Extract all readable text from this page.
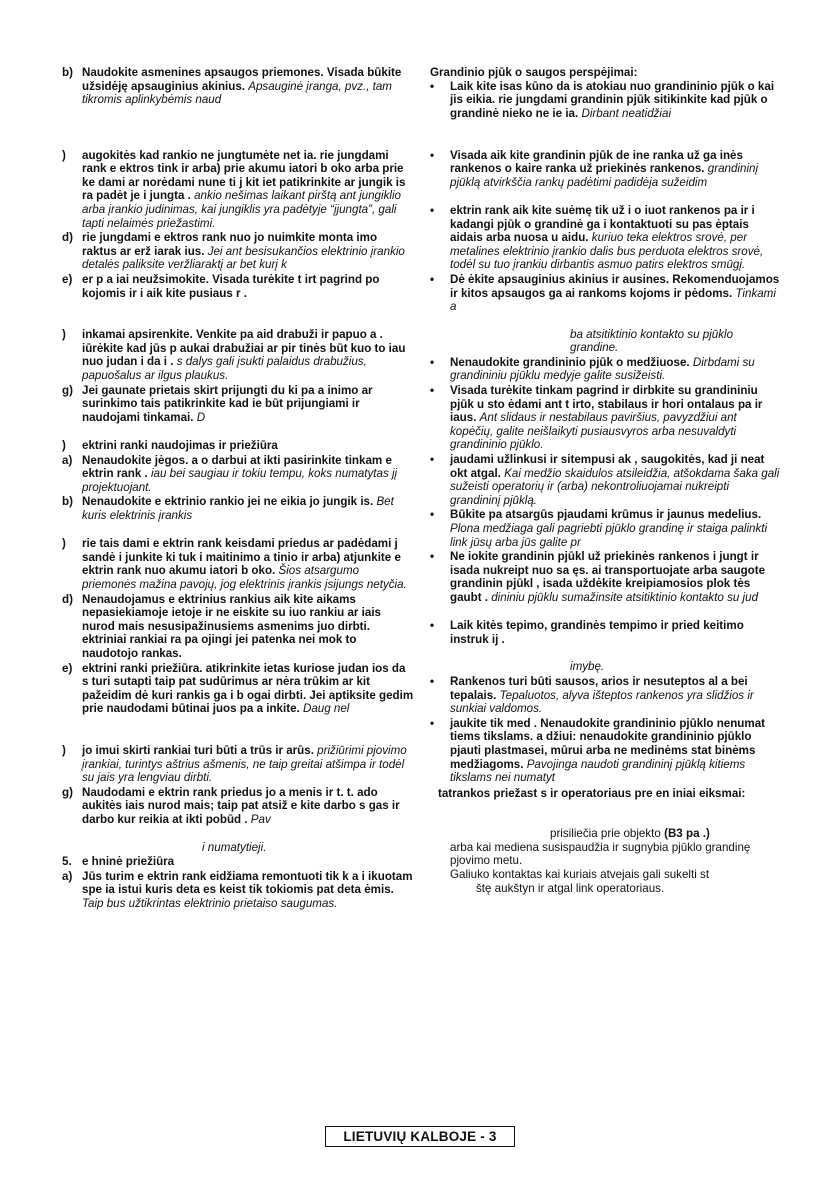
b) Naudokite asmenines apsaugos priemones. Visada būkite užsidėję apsauginius akinius. Apsauginė įranga, pvz., tam tikromis aplinkybėmis naud
)	augokitės kad rankio ne jungtumėte net ia. rie jungdami rank e ektros tink ir arba) prie akumu iatori b oko arba prie ke dami ar norėdami nune ti j kit iet patikrinkite ar jungik is ra padėt je i jungta . ankio nešimas laikant pirštą ant jungiklio arba įrankio judinimas, kai jungiklis yra padėtyje “įjungta”, gali tapti nelaimės priežastimi.
d) rie jungdami e ektros rank nuo jo nuimkite monta imo raktus ar erž iarak ius. Jei ant besisukančios elektrinio įrankio detalės paliksite veržliaraktį ar bet kurį k
e) er p a iai neužsimokite. Visada turėkite t irt pagrind po kojomis ir i aik kite pusiaus r .
)	inkamai apsirenkite. Venkite pa aid drabuži ir papuo a . iūrėkite kad jūs p aukai drabužiai ar pir tinės būt kuo to iau nuo judan i da i . s dalys gali įsukti palaidus drabužius, papuošalus ar ilgus plaukus.
g) Jei gaunate prietais skirt prijungti du ki pa a inimo ar surinkimo tais patikrinkite kad ie būt prijungiami ir naudojami tinkamai. D
)	ektrini ranki naudojimas ir priežiūra
a) Nenaudokite jėgos. a o darbui at ikti pasirinkite tinkam e ektrin rank . iau bei saugiau ir tokiu tempu, koks numatytas jį projektuojant.
b) Nenaudokite e ektrinio rankio jei ne eikia jo jungik is. Bet kuris elektrinis įrankis
)	rie tais dami e ektrin rank keisdami priedus ar padėdami j sandė i junkite ki tuk i maitinimo a tinio ir arba) atjunkite e ektrin rank nuo akumu iatori b oko. Šios atsargumo priemonės mažina pavojų, jog elektrinis įrankis įsijungs netyčia.
d) Nenaudojamus e ektrinius rankius aik kite aikams nepasiekiamoje ietoje ir ne eiskite su iuo rankiu ar iais nurod mais nesusipažinusiems asmenims juo dirbti. ektriniai rankiai ra pa ojingi jei patenka nei mok to naudotojo rankas.
e) ektrini ranki priežiūra. atikrinkite ietas kuriose judan ios da s turi sutapti taip pat sudūrimus ar nėra trūkim ar kit pažeidim dė kuri rankis ga i b ogai dirbti. Jei aptiksite gedim prie naudodami būtinai juos pa a inkite. Daug nel
)	jo imui skirti rankiai turi būti a trūs ir arūs. prižiūrimi pjovimo įrankiai, turintys aštrius ašmenis, ne taip greitai atšimpa ir todėl su jais yra lengviau dirbti.
g) Naudodami e ektrin rank priedus jo a menis ir t. t. ado aukitės iais nurod mais; taip pat atsiž e kite darbo s gas ir darbo kur reikia at ikti pobūd . Pav
i numatytieji.
5. e hninė priežiūra
a) Jūs turim e ektrin rank eidžiama remontuoti tik k a i ikuotam spe ia istui kuris deta es keist tik tokiomis pat deta ėmis. Taip bus užtikrintas elektrinio prietaiso saugumas.
Grandinio pjūk o saugos perspėjimai:
•	Laik kite isas kūno da is atokiau nuo grandininio pjūk o kai jis eikia. rie jungdami grandinin pjūk sitikinkite kad pjūk o grandinė nieko ne ie ia. Dirbant neatidžiai
•	Visada aik kite grandinin pjūk de ine ranka už ga inės rankenos o kaire ranka už priekinės rankenos. grandininį pjūklą atvirkščia rankų padėtimi padidėja sužeidim
•	ektrin rank aik kite suėmę tik už i o iuot rankenos pa ir i kadangi pjūk o grandinė ga i kontaktuoti su pas ėptais aidais arba nuosa u aidu. kuriuo teka elektros srovė, per metalines elektrinio įrankio dalis bus perduota elektros srovė, todėl su tuo įrankiu dirbantis asmuo patirs elektros smūgį.
•	Dė ėkite apsauginius akinius ir ausines. Rekomenduojamos ir kitos apsaugos ga ai rankoms kojoms ir pėdoms. Tinkami a
ba atsitiktinio kontakto su pjūklo grandine.
•	Nenaudokite grandininio pjūk o medžiuose. Dirbdami su grandininiu pjūklu medyje galite susižeisti.
•	Visada turėkite tinkam pagrind ir dirbkite su grandininiu pjūk u sto ėdami ant t irto, stabilaus ir hori ontalaus pa ir iaus. Ant slidaus ir nestabilaus paviršius, pavyzdžiui ant kopėčių, galite neišlaikyti pusiausvyros arba nesuvaldyti grandininio pjūklo.
•	jaudami užlinkusi ir sitempusi ak , saugokitės, kad ji neat okt atgal. Kai medžio skaidulos atsileidžia, atšokdama šaka gali sužeisti operatorių ir (arba) nekontroliuojamai nukreipti grandininį pjūklą.
•	Būkite pa atsargūs pjaudami krūmus ir jaunus medelius. Plona medžiaga gali pagriebti pjūklo grandinę ir staiga palinkti link jūsų arba jūs galite pr
•	Ne iokite grandinin pjūkl už priekinės rankenos i jungt ir isada nukreipt nuo sa ęs. ai transportuojate arba saugote grandinin pjūkl , isada uždėkite kreipiamosios plok tės gaubt . dininiu pjūklu sumažinsite atsitiktinio kontakto su jud
•	Laik kitės tepimo, grandinės tempimo ir pried keitimo instruk ij .
imybę.
•	Rankenos turi būti sausos, arios ir nesuteptos al a bei tepalais. Tepaluotos, alyva išteptos rankenos yra slidžios ir sunkiai valdomos.
•	jaukite tik med . Nenaudokite grandininio pjūklo nenumat tiems tikslams. a džiui: nenaudokite grandininio pjūklo pjauti plastmasei, mūrui arba ne medinėms stat binėms medžiagoms. Pavojinga naudoti grandininį pjūklą kitiems tikslams nei numatyt
tatrankos priežast s ir operatoriaus pre en iniai eiksmai:
prisiliečia prie objekto (B3 pa .)
arba kai mediena susispaudžia ir sugnybia pjūklo grandinę pjovimo metu.
Galiuko kontaktas kai kuriais atvejais gali sukelti st
štę aukštyn ir atgal link operatoriaus.
LIETUVIŲ KALBOJE - 3
